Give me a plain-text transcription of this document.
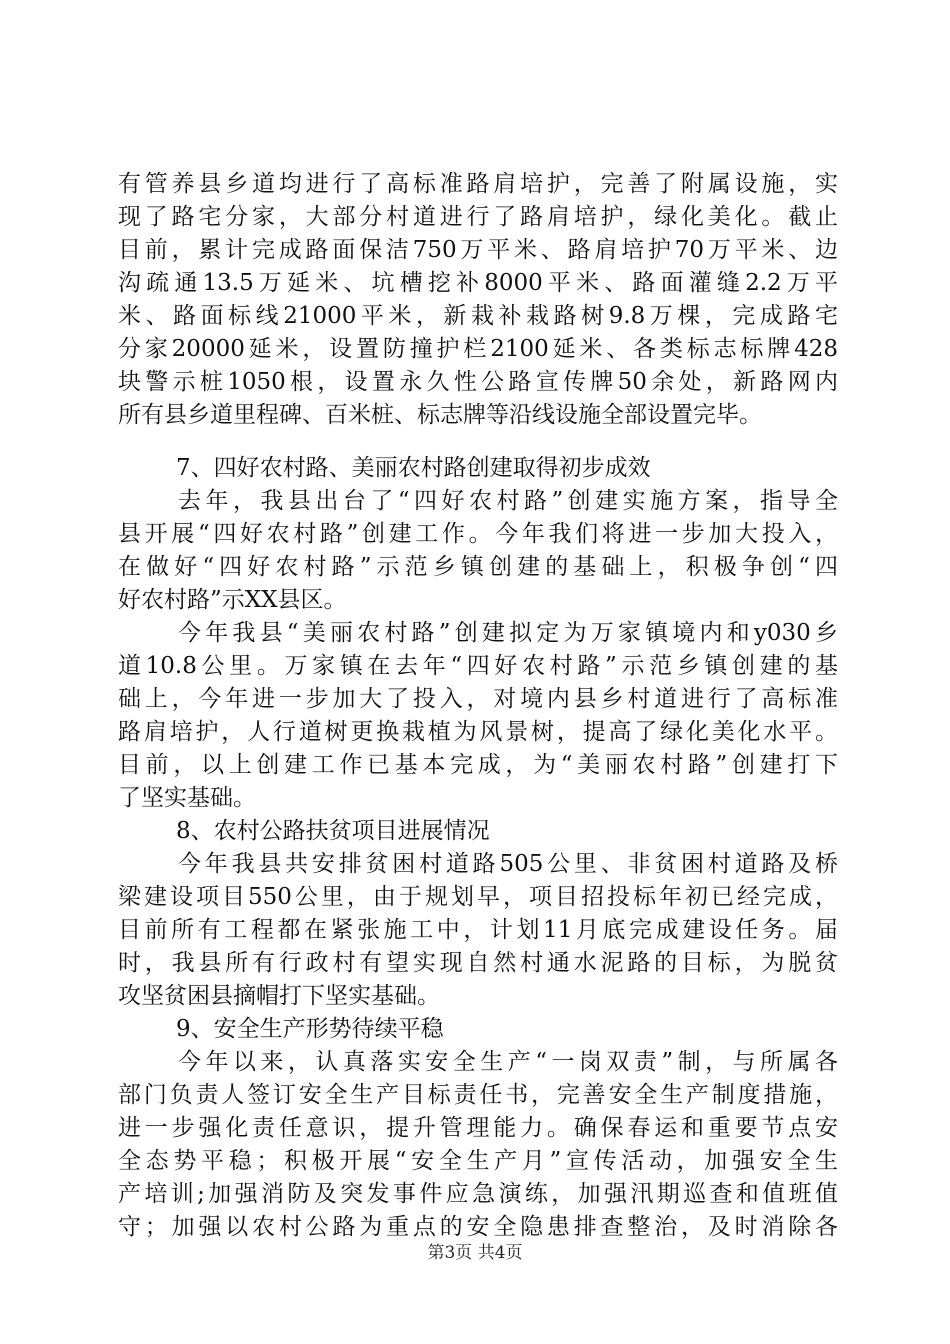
有管养县乡道均进行了高标准路肩培护，完善了附属设施，实
现了路宅分家，大部分村道进行了路肩培护，绿化美化。截止
目前，累计完成路面保洁750万平米、路肩培护70万平米、边
沟疏通13.5万延米、坑槽挖补8000平米、路面灌缝2.2万平
米、路面标线21000平米，新栽补栽路树9.8万棵，完成路宅
分家20000延米，设置防撞护栏2100延米、各类标志标牌428
块警示桩1050根，设置永久性公路宣传牌50余处，新路网内
所有县乡道里程碑、百米桩、标志牌等沿线设施全部设置完毕。
7、四好农村路、美丽农村路创建取得初步成效
去年，我县出台了“四好农村路”创建实施方案，指导全
县开展“四好农村路”创建工作。今年我们将进一步加大投入，
在做好“四好农村路”示范乡镇创建的基础上，积极争创“四
好农村路”示XX县区。
今年我县“美丽农村路”创建拟定为万家镇境内和y030乡
道10.8公里。万家镇在去年“四好农村路”示范乡镇创建的基
础上，今年进一步加大了投入，对境内县乡村道进行了高标准
路肩培护，人行道树更换栽植为风景树，提高了绿化美化水平。
目前，以上创建工作已基本完成，为“美丽农村路”创建打下
了坚实基础。
8、农村公路扶贫项目进展情况
今年我县共安排贫困村道路505公里、非贫困村道路及桥
梁建设项目550公里，由于规划早，项目招投标年初已经完成，
目前所有工程都在紧张施工中，计划11月底完成建设任务。届
时，我县所有行政村有望实现自然村通水泥路的目标，为脱贫
攻坚贫困县摘帽打下坚实基础。
9、安全生产形势待续平稳
今年以来，认真落实安全生产“一岗双责”制，与所属各
部门负责人签订安全生产目标责任书，完善安全生产制度措施，
进一步强化责任意识，提升管理能力。确保春运和重要节点安
全态势平稳；积极开展“安全生产月”宣传活动，加强安全生
产培训;加强消防及突发事件应急演练，加强汛期巡查和值班值
守；加强以农村公路为重点的安全隐患排查整治，及时消除各
第3页 共4页
